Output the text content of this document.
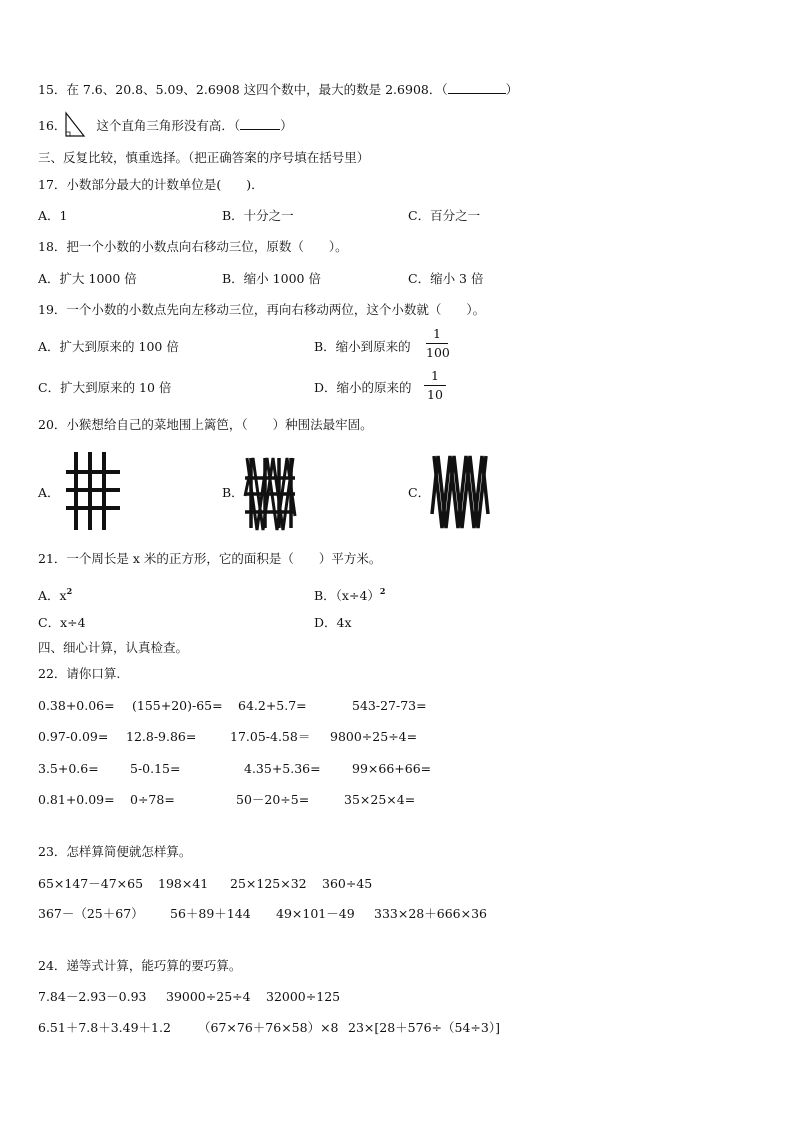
15．在 7.6、20.8、5.09、2.6908 这四个数中，最大的数是 2.6908．（	）
16． 这个直角三角形没有高．（	）
三、反复比较，慎重选择。（把正确答案的序号填在括号里）
17．小数部分最大的计数单位是(　　)．
A．1	B．十分之一	C．百分之一
18．把一个小数的小数点向右移动三位，原数（　　）。
A．扩大 1000 倍	B．缩小 1000 倍	C．缩小 3 倍
19．一个小数的小数点先向左移动三位，再向右移动两位，这个小数就（　　）。
A．扩大到原来的 100 倍	B．缩小到原来的
1
100
C．扩大到原来的 10 倍	D．缩小的原来的
1
10
20．小猴想给自己的菜地围上篱笆，（　　）种围法最牢固。
A．	B．	C．
21．一个周长是 x 米的正方形，它的面积是（　　）平方米。
A．$x^2$	B．$(x\div 4)^2$
C．x÷4	D．4x
四、细心计算，认真检查。
22．请你口算.
0.38+0.06= (155+20)-65= 64.2+5.7=	543-27-73=
0.97-0.09= 12.8-9.86=	17.05-4.58＝ 9800÷25÷4=
3.5+0.6=	5-0.15=	4.35+5.36=	99×66+66=
0.81+0.09= 0÷78=	50－20÷5=	35×25×4=
23．怎样算简便就怎样算。
65×147－47×65 198×41 25×125×32 360÷45
367－（25＋67） 56＋89＋144 49×101－49 333×28＋666×36
24．递等式计算，能巧算的要巧算。
7.84－2.93－0.93 39000÷25÷4 32000÷125
6.51＋7.8＋3.49＋1.2 （67×76＋76×58）×8 23×[28＋576÷（54÷3）]
